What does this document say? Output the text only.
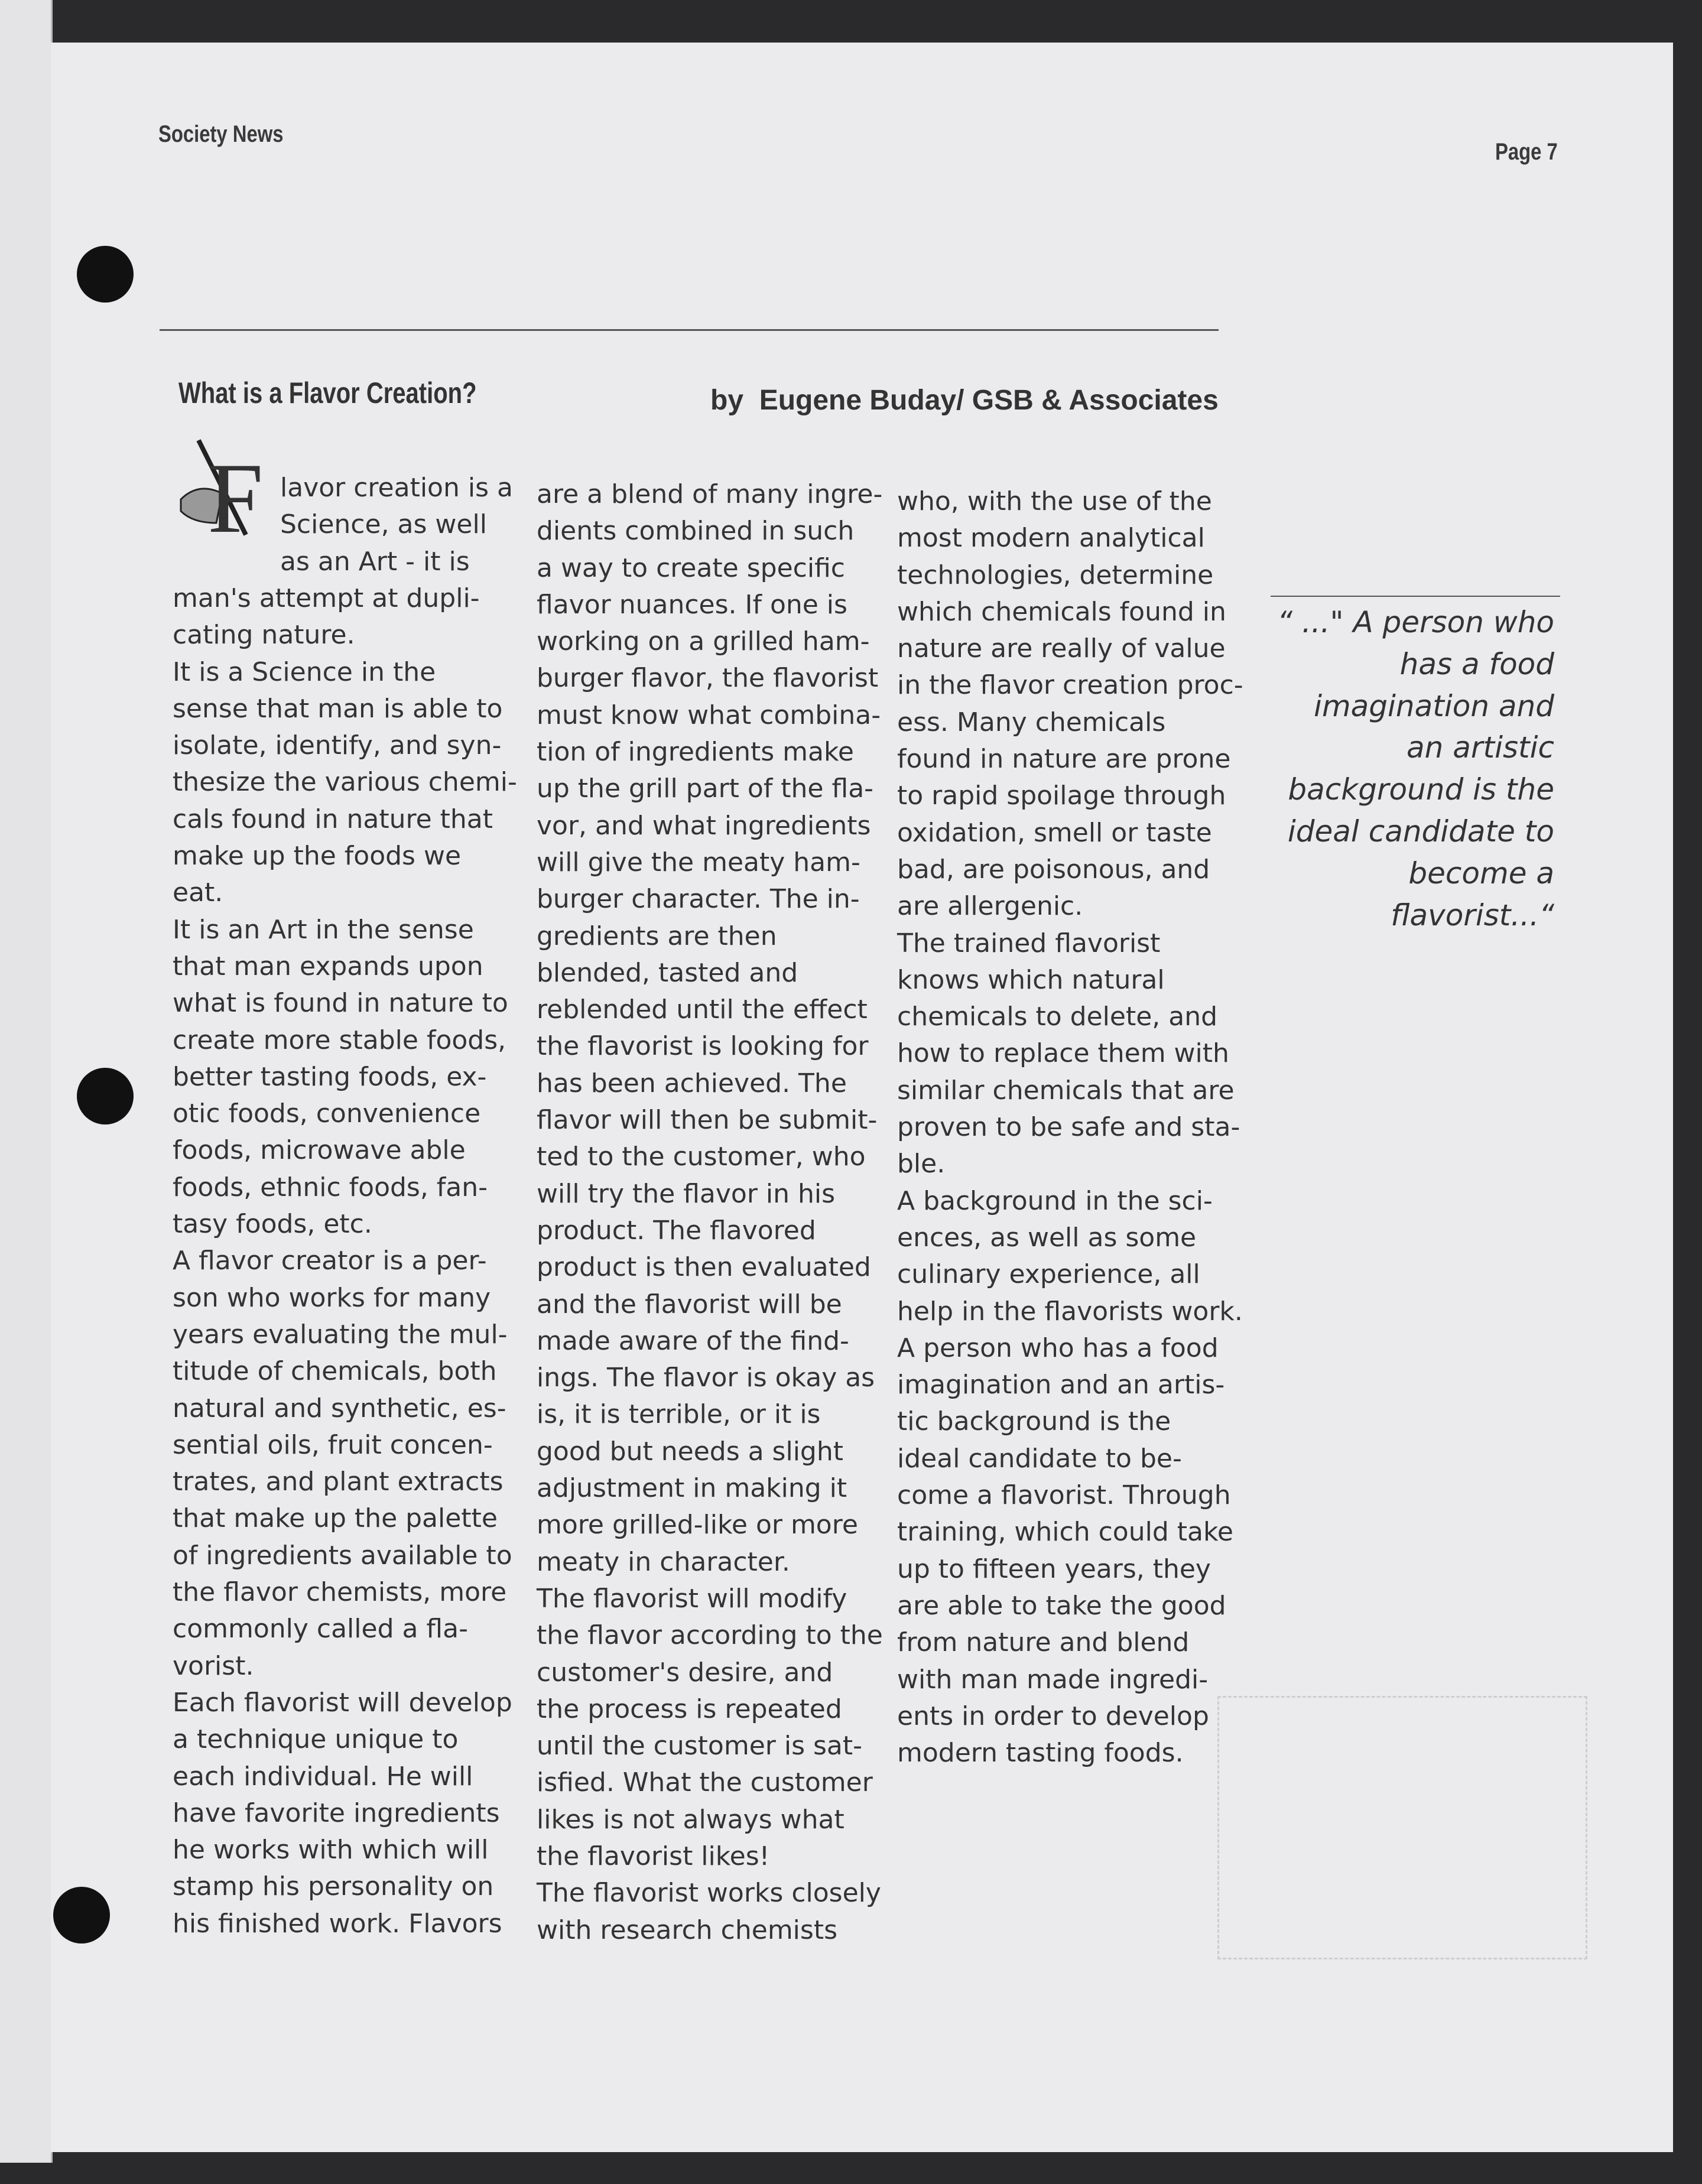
Society News
Page 7
What is a Flavor Creation?	by  Eugene Buday/ GSB & Associates
F lavor creation is a
Science, as well
as an Art - it is
man's attempt at dupli-
cating nature.
It is a Science in the
sense that man is able to
isolate, identify, and syn-
thesize the various chemi-
cals found in nature that
make up the foods we
eat.
It is an Art in the sense
that man expands upon
what is found in nature to
create more stable foods,
better tasting foods, ex-
otic foods, convenience
foods, microwave able
foods, ethnic foods, fan-
tasy foods, etc.
A flavor creator is a per-
son who works for many
years evaluating the mul-
titude of chemicals, both
natural and synthetic, es-
sential oils, fruit concen-
trates, and plant extracts
that make up the palette
of ingredients available to
the flavor chemists, more
commonly called a fla-
vorist.
Each flavorist will develop
a technique unique to
each individual. He will
have favorite ingredients
he works with which will
stamp his personality on
his finished work. Flavors
are a blend of many ingre-
dients combined in such
a way to create specific
flavor nuances. If one is
working on a grilled ham-
burger flavor, the flavorist
must know what combina-
tion of ingredients make
up the grill part of the fla-
vor, and what ingredients
will give the meaty ham-
burger character. The in-
gredients are then
blended, tasted and
reblended until the effect
the flavorist is looking for
has been achieved. The
flavor will then be submit-
ted to the customer, who
will try the flavor in his
product. The flavored
product is then evaluated
and the flavorist will be
made aware of the find-
ings. The flavor is okay as
is, it is terrible, or it is
good but needs a slight
adjustment in making it
more grilled-like or more
meaty in character.
The flavorist will modify
the flavor according to the
customer's desire, and
the process is repeated
until the customer is sat-
isfied. What the customer
likes is not always what
the flavorist likes!
The flavorist works closely
with research chemists
who, with the use of the
most modern analytical
technologies, determine
which chemicals found in
nature are really of value
in the flavor creation proc-
ess. Many chemicals
found in nature are prone
to rapid spoilage through
oxidation, smell or taste
bad, are poisonous, and
are allergenic.
The trained flavorist
knows which natural
chemicals to delete, and
how to replace them with
similar chemicals that are
proven to be safe and sta-
ble.
A background in the sci-
ences, as well as some
culinary experience, all
help in the flavorists work.
A person who has a food
imagination and an artis-
tic background is the
ideal candidate to be-
come a flavorist. Through
training, which could take
up to fifteen years, they
are able to take the good
from nature and blend
with man made ingredi-
ents in order to develop
modern tasting foods.
“ ..." A person who
has a food
imagination and
an artistic
background is the
ideal candidate to
become a
flavorist...“
